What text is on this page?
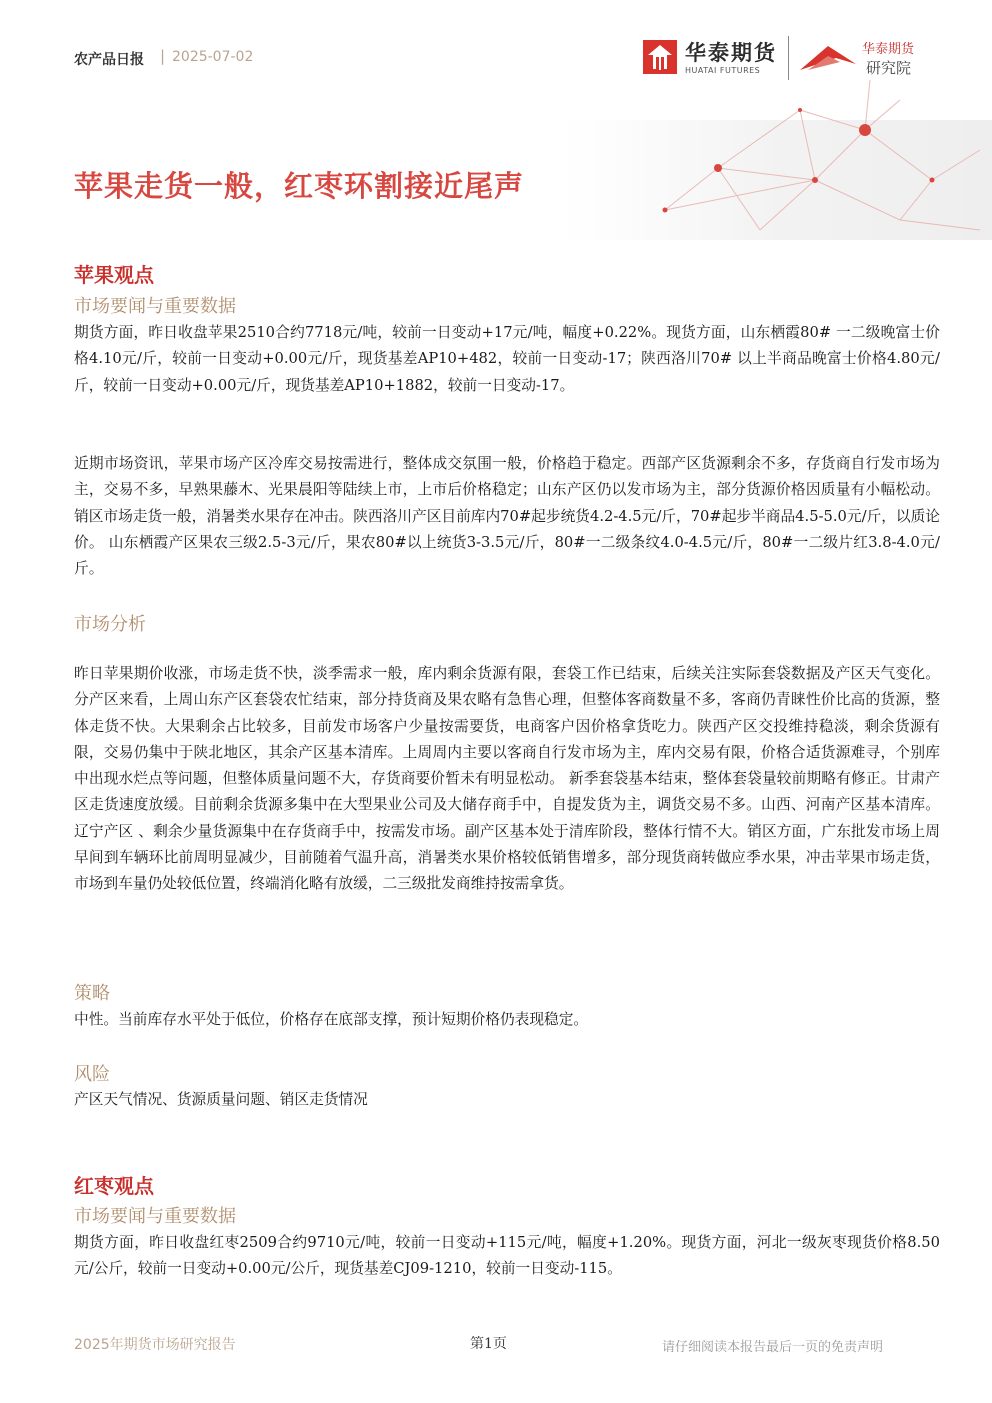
农产品日报 | 2025-07-02	华泰期货
HUATAI FUTURES
华泰期货
研究院
苹果走货一般，红枣环割接近尾声
苹果观点
市场要闻与重要数据

期货方面，昨日收盘苹果2510合约7718元/吨，较前一日变动+17元/吨，幅度+0.22%。现货方面，山东栖霞80# 一二级晚富士价格4.10元/斤，较前一日变动+0.00元/斤，现货基差AP10+482，较前一日变动-17；陕西洛川70# 以上半商品晚富士价格4.80元/斤，较前一日变动+0.00元/斤，现货基差AP10+1882，较前一日变动-17。

近期市场资讯，苹果市场产区冷库交易按需进行，整体成交氛围一般，价格趋于稳定。西部产区货源剩余不多，存货商自行发市场为主，交易不多，早熟果藤木、光果晨阳等陆续上市，上市后价格稳定；山东产区仍以发市场为主，部分货源价格因质量有小幅松动。销区市场走货一般，消暑类水果存在冲击。陕西洛川产区目前库内70#起步统货4.2-4.5元/斤，70#起步半商品4.5-5.0元/斤，以质论价。 山东栖霞产区果农三级2.5-3元/斤，果农80#以上统货3-3.5元/斤，80#一二级条纹4.0-4.5元/斤，80#一二级片红3.8-4.0元/斤。

市场分析

昨日苹果期价收涨，市场走货不快，淡季需求一般，库内剩余货源有限，套袋工作已结束，后续关注实际套袋数据及产区天气变化。分产区来看，上周山东产区套袋农忙结束，部分持货商及果农略有急售心理，但整体客商数量不多，客商仍青睐性价比高的货源，整体走货不快。大果剩余占比较多，目前发市场客户少量按需要货，电商客户因价格拿货吃力。陕西产区交投维持稳淡，剩余货源有限，交易仍集中于陕北地区，其余产区基本清库。上周周内主要以客商自行发市场为主，库内交易有限，价格合适货源难寻，个别库中出现水烂点等问题，但整体质量问题不大，存货商要价暂未有明显松动。 新季套袋基本结束，整体套袋量较前期略有修正。甘肃产区走货速度放缓。目前剩余货源多集中在大型果业公司及大储存商手中，自提发货为主，调货交易不多。山西、河南产区基本清库。辽宁产区 、剩余少量货源集中在存货商手中，按需发市场。副产区基本处于清库阶段，整体行情不大。销区方面，广东批发市场上周早间到车辆环比前周明显减少，目前随着气温升高，消暑类水果价格较低销售增多，部分现货商转做应季水果，冲击苹果市场走货，市场到车量仍处较低位置，终端消化略有放缓，二三级批发商维持按需拿货。

策略

中性。当前库存水平处于低位，价格存在底部支撑，预计短期价格仍表现稳定。

风险

产区天气情况、货源质量问题、销区走货情况

红枣观点
市场要闻与重要数据

期货方面，昨日收盘红枣2509合约9710元/吨，较前一日变动+115元/吨，幅度+1.20%。现货方面，河北一级灰枣现货价格8.50元/公斤，较前一日变动+0.00元/公斤，现货基差CJ09-1210，较前一日变动-115。

2025年期货市场研究报告	第1页	请仔细阅读本报告最后一页的免责声明
